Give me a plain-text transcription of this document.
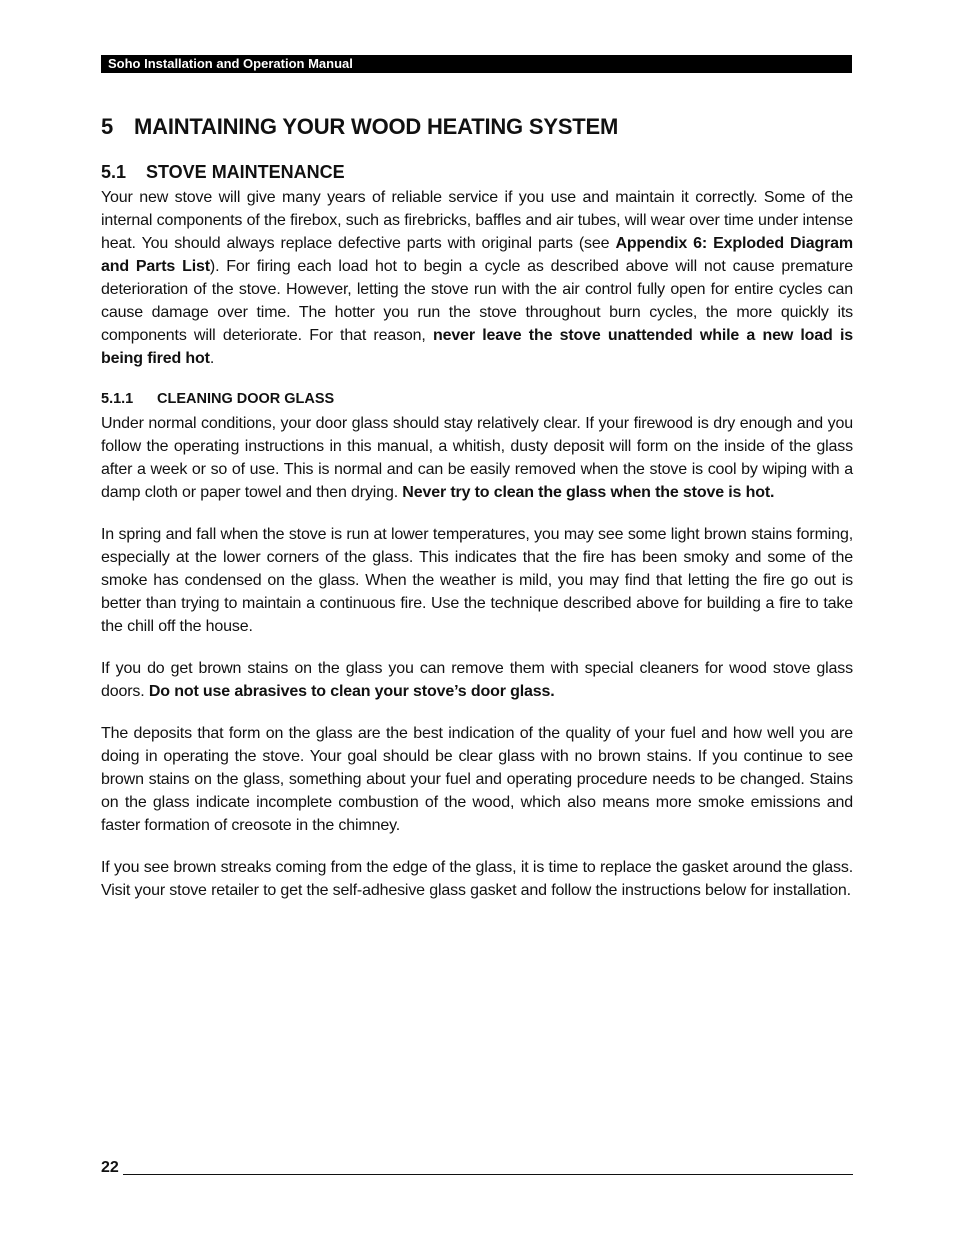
Soho Installation and Operation Manual
5 MAINTAINING YOUR WOOD HEATING SYSTEM
5.1 STOVE MAINTENANCE

Your new stove will give many years of reliable service if you use and maintain it correctly. Some of the internal components of the firebox, such as firebricks, baffles and air tubes, will wear over time under intense heat. You should always replace defective parts with original parts (see Appendix 6: Exploded Diagram and Parts List). For firing each load hot to begin a cycle as described above will not cause premature deterioration of the stove. However, letting the stove run with the air control fully open for entire cycles can cause damage over time. The hotter you run the stove throughout burn cycles, the more quickly its components will deteriorate. For that reason, never leave the stove unattended while a new load is being fired hot.

5.1.1 CLEANING DOOR GLASS

Under normal conditions, your door glass should stay relatively clear. If your firewood is dry enough and you follow the operating instructions in this manual, a whitish, dusty deposit will form on the inside of the glass after a week or so of use. This is normal and can be easily removed when the stove is cool by wiping with a damp cloth or paper towel and then drying. Never try to clean the glass when the stove is hot.

In spring and fall when the stove is run at lower temperatures, you may see some light brown stains forming, especially at the lower corners of the glass. This indicates that the fire has been smoky and some of the smoke has condensed on the glass. When the weather is mild, you may find that letting the fire go out is better than trying to maintain a continuous fire. Use the technique described above for building a fire to take the chill off the house.

If you do get brown stains on the glass you can remove them with special cleaners for wood stove glass doors. Do not use abrasives to clean your stove’s door glass.

The deposits that form on the glass are the best indication of the quality of your fuel and how well you are doing in operating the stove. Your goal should be clear glass with no brown stains. If you continue to see brown stains on the glass, something about your fuel and operating procedure needs to be changed. Stains on the glass indicate incomplete combustion of the wood, which also means more smoke emissions and faster formation of creosote in the chimney.

If you see brown streaks coming from the edge of the glass, it is time to replace the gasket around the glass. Visit your stove retailer to get the self-adhesive glass gasket and follow the instructions below for installation.

22
